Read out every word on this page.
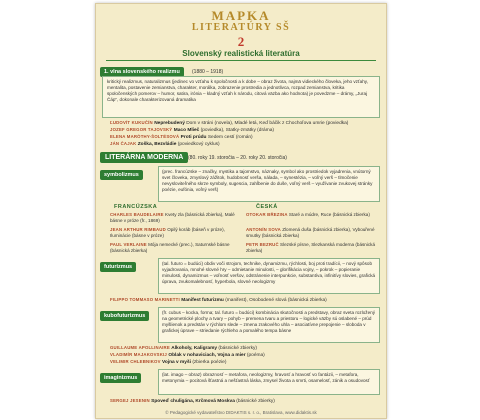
MAPKA
LITERATÚRY SŠ
2
Slovenský realistická literatúra
1. vlna slovenského realizmu	(1880 – 1918)
kritický realizmus, naturalizmus (jedinec vo vzťahu k spoločnosti a k dobe – obraz života, najmä vidieckého človeka, jeho vzťahy, mentalita, postavenie zemianstva, charakter, morálka, zobrazenie prostredia a jednotlivca, rozpad zemianstva, kritika spoločenských pomerov – humor, satira, irónia – kladný vzťah k národu, citová väzba ako hodnota) je povedzme – drámy, „Juraj Čáp“, dokonale charakterizovaná dramatika
ĽUDOVÍT KUKUČÍN Neprebudený Dom v stráni (novela), Mladé letá, Keď báčik z Chochoľova umrie (poviedka)
JOZEF GREGOR TAJOVSKÝ Maco Mlieč (poviedka), Statky-zmätky (dráma)
ELENA MARÓTHY-ŠOLTÉSOVÁ Proti prúdu Sedem cestí (román)
JÁN ČAJAK Zoška, Bezvládie (poviedkový cyklus)
LITERÁRNA MODERNA (80. roky 19. storočia – 20. roky 20. storočia)
symbolizmus
(prec. francúzske – značky, mystika a tajomstvo, náznaky, symbol ako prostriedok vyjadrenia, vnútorný svet človeka, zmyslový zážitok, hudobnosť verša, nálada, – synestézia, – voľný verš – tlmočenie nevysloviteľného skrze symboly, sugescia, zahĺbenie do duše, voľný verš – využívanie zvukovej stránky poézie, eufónia, voľný verš)
FRANCÚZSKA	ČESKÁ
CHARLES BAUDELAIRE Kvety zla (básnická zbierka), Malé básne v próze (fr., 1869)
JEAN ARTHUR RIMBAUD Opilý koráb (báseň v próze), Iluminácie (básne v próze)
PAUL VERLAINE Mója nemecké (prec.), Saturnské básne (básnická zbierka)
OTOKAR BŘEZINA Staré a múdre, Ruce (básnická zbierka)
ANTONÍN SOVA Zlomená duša (básnická zbierka), Vybouřené smutky (básnická zbierka)
PETR BEZRUČ Slezské písne, Slezkanská moderna (básnická zbierka)
futurizmus
(tal. futuro = budúci) obdiv voči strojom, technike, dynamizmu, rýchlosti, boj proti tradícii, – nový spôsob vyjadrovania, mnohé slovné hry – odmietanie minulosti, – glorifikácia vojny, – pokrok – popieranie minulosti, dynamizmus – voľnosť veršov, odstránenie interpunkcie, substantíva, infinitívy slovies, grafická úprava, zvukomalebnosť, hyperbola, slovné neologizmy
FILIPPO TOMMASO MARINETTI Manifest futurizmu (manifest), Osobodené slová (básnická zbierka)
kubofuturizmus
(fr. cubus – kocka, forma; tal. futuro = budúci) kombinácia skutočnosti a predstavy, obraz sveta rozložený na geometrické plochy a tvary – pohyb – premena tvaru a priestoru – logické väzby sú oslabené – prúd myšlienok a predstáv v rýchlom slede – zmena zrakového uhla – asociatívne prepojenie – sloboda v grafickej úprave – striedanie rýchleho a pomalého tempa básne
GUILLAUME APOLLINAIRE Alkoholy, Kaligramy (básnické zbierky)
VLADIMÍR MAJAKOVSKIJ Oblak v nohaviciach, Vojna a mier (poéma)
VELIMIR CHLEBNIKOV Vojna v myši (zbierka poézie)
imaginizmus
(lat. imago – obraz) obraznosť – metafora, neologizmy, hravosť a hravosť vo fantázii, – metafora, metonymia – pocitová šťastná a nešťastná láska, zmysel života a smrti, osamelosť, zánik a osudovosť
SERGEJ JESENIN Spoveď chuligána, Krčmová Moskva (básnické zbierky)
© Pedagogické vydavateľstvo DIDAKTIS s. r. o., Bratislava, www.didaktis.sk
